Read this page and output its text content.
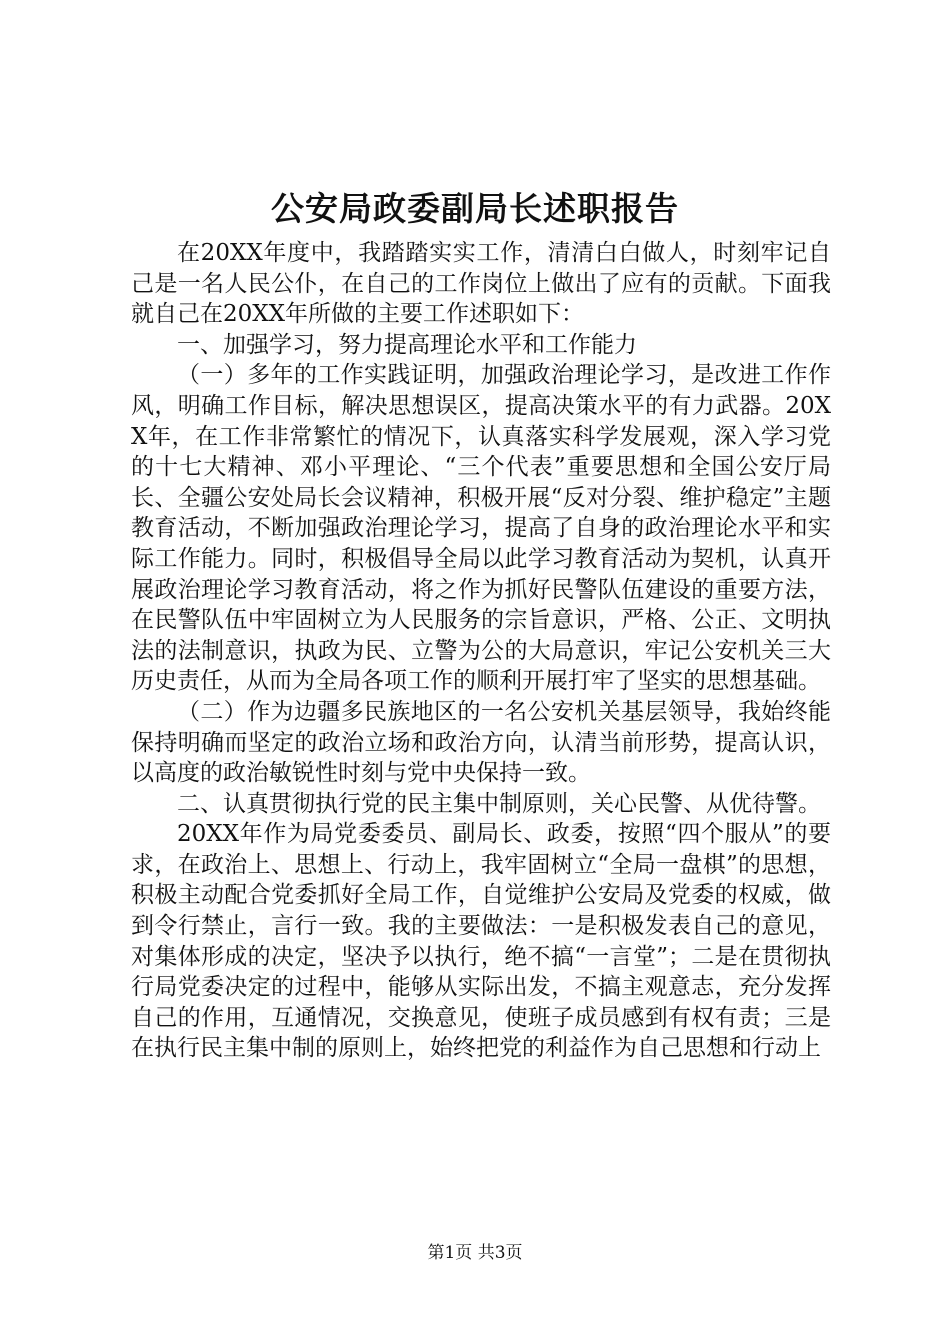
公安局政委副局长述职报告

在20XX年度中，我踏踏实实工作，清清白白做人，时刻牢记自己是一名人民公仆，在自己的工作岗位上做出了应有的贡献。下面我就自己在20XX年所做的主要工作述职如下：

一、加强学习，努力提高理论水平和工作能力

（一）多年的工作实践证明，加强政治理论学习，是改进工作作风，明确工作目标，解决思想误区，提高决策水平的有力武器。20XX年，在工作非常繁忙的情况下，认真落实科学发展观，深入学习党的十七大精神、邓小平理论、“三个代表”重要思想和全国公安厅局长、全疆公安处局长会议精神，积极开展“反对分裂、维护稳定”主题教育活动，不断加强政治理论学习，提高了自身的政治理论水平和实际工作能力。同时，积极倡导全局以此学习教育活动为契机，认真开展政治理论学习教育活动，将之作为抓好民警队伍建设的重要方法，在民警队伍中牢固树立为人民服务的宗旨意识，严格、公正、文明执法的法制意识，执政为民、立警为公的大局意识，牢记公安机关三大历史责任，从而为全局各项工作的顺利开展打牢了坚实的思想基础。

（二）作为边疆多民族地区的一名公安机关基层领导，我始终能保持明确而坚定的政治立场和政治方向，认清当前形势，提高认识，以高度的政治敏锐性时刻与党中央保持一致。

二、认真贯彻执行党的民主集中制原则，关心民警、从优待警。

20XX年作为局党委委员、副局长、政委，按照“四个服从”的要求，在政治上、思想上、行动上，我牢固树立“全局一盘棋”的思想，积极主动配合党委抓好全局工作，自觉维护公安局及党委的权威，做到令行禁止，言行一致。我的主要做法：一是积极发表自己的意见，对集体形成的决定，坚决予以执行，绝不搞“一言堂”；二是在贯彻执行局党委决定的过程中，能够从实际出发，不搞主观意志，充分发挥自己的作用，互通情况，交换意见，使班子成员感到有权有责；三是在执行民主集中制的原则上，始终把党的利益作为自己思想和行动上

第1页 共3页
